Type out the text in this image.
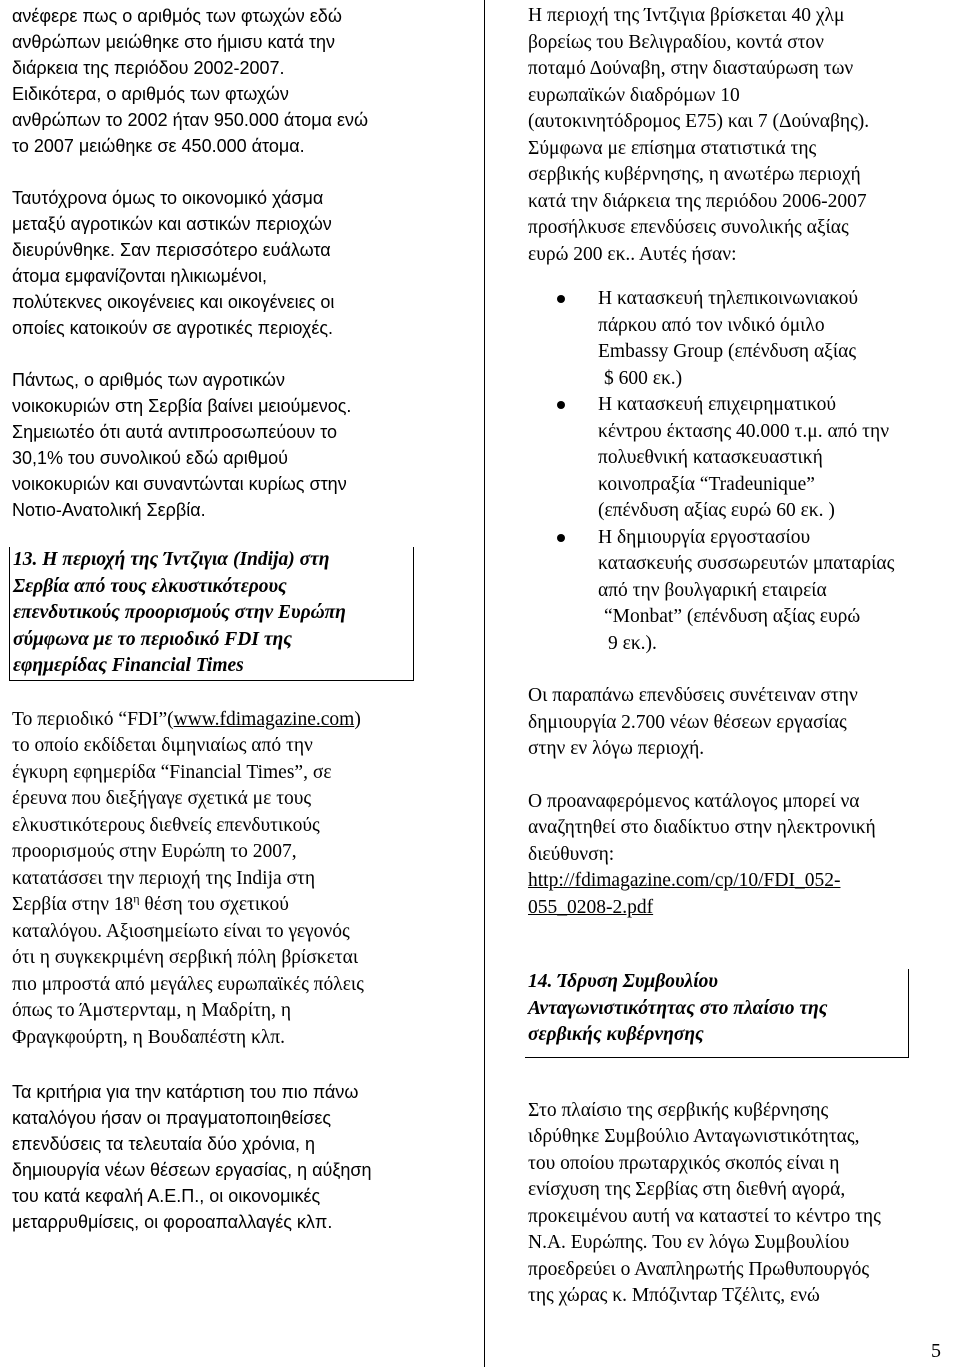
ανέφερε πως ο αριθμός των φτωχών εδώ
ανθρώπων μειώθηκε στο ήμισυ κατά την
διάρκεια της περιόδου 2002-2007.
Ειδικότερα, ο αριθμός των φτωχών
ανθρώπων το 2002 ήταν 950.000 άτομα ενώ
το 2007 μειώθηκε σε 450.000 άτομα.

Ταυτόχρονα όμως το οικονομικό χάσμα
μεταξύ αγροτικών και αστικών περιοχών
διευρύνθηκε. Σαν περισσότερο ευάλωτα
άτομα εμφανίζονται ηλικιωμένοι,
πολύτεκνες οικογένειες και οικογένειες οι
οποίες κατοικούν σε αγροτικές περιοχές.

Πάντως, ο αριθμός των αγροτικών
νοικοκυριών στη Σερβία βαίνει μειούμενος.
Σημειωτέο ότι αυτά αντιπροσωπεύουν το
30,1% του συνολικού εδώ αριθμού
νοικοκυριών και συναντώνται κυρίως στην
Νοτιο-Ανατολική Σερβία.

13. Η περιοχή της Ίντζιγια (Indija) στη
Σερβία από τους ελκυστικότερους
επενδυτικούς προορισμούς στην Ευρώπη
σύμφωνα με το περιοδικό FDI της
εφημερίδας Financial Times

Το περιοδικό “FDI”(www.fdimagazine.com)
το οποίο εκδίδεται διμηνιαίως από την
έγκυρη εφημερίδα “Financial Times”, σε
έρευνα που διεξήγαγε σχετικά με τους
ελκυστικότερους διεθνείς επενδυτικούς
προορισμούς στην Ευρώπη το 2007,
κατατάσσει την περιοχή της Indija στη
Σερβία στην $18^\eta$ θέση του σχετικού
καταλόγου. Αξιοσημείωτο είναι το γεγονός
ότι η συγκεκριμένη σερβική πόλη βρίσκεται
πιο μπροστά από μεγάλες ευρωπαϊκές πόλεις
όπως το Άμστερνταμ, η Μαδρίτη, η
Φραγκφούρτη, η Βουδαπέστη κλπ.

Τα κριτήρια για την κατάρτιση του πιο πάνω
καταλόγου ήσαν οι πραγματοποιηθείσες
επενδύσεις τα τελευταία δύο χρόνια, η
δημιουργία νέων θέσεων εργασίας, η αύξηση
του κατά κεφαλή Α.Ε.Π., οι οικονομικές
μεταρρυθμίσεις, οι φοροαπαλλαγές κλπ.

Η περιοχή της Ίντζιγια βρίσκεται 40 χλμ
βορείως του Βελιγραδίου, κοντά στον
ποταμό Δούναβη, στην διασταύρωση των
ευρωπαϊκών διαδρόμων 10
(αυτοκινητόδρομος Ε75) και 7 (Δούναβης).
Σύμφωνα με επίσημα στατιστικά της
σερβικής κυβέρνησης, η ανωτέρω περιοχή
κατά την διάρκεια της περιόδου 2006-2007
προσήλκυσε επενδύσεις συνολικής αξίας
ευρώ 200 εκ.. Αυτές ήσαν:

Η κατασκευή τηλεπικοινωνιακού
πάρκου από τον ινδικό όμιλο
Embassy Group (επένδυση αξίας
$ 600 εκ.)
Η κατασκευή επιχειρηματικού
κέντρου έκτασης 40.000 τ.μ. από την
πολυεθνική κατασκευαστική
κοινοπραξία “Tradeunique”
(επένδυση αξίας ευρώ 60 εκ. )
Η δημιουργία εργοστασίου
κατασκευής συσσωρευτών μπαταρίας
από την βουλγαρική εταιρεία
“Monbat” (επένδυση αξίας ευρώ
9 εκ.).

Οι παραπάνω επενδύσεις συνέτειναν στην
δημιουργία 2.700 νέων θέσεων εργασίας
στην εν λόγω περιοχή.

Ο προαναφερόμενος κατάλογος μπορεί να
αναζητηθεί στο διαδίκτυο στην ηλεκτρονική
διεύθυνση:
http://fdimagazine.com/cp/10/FDI_052-
055_0208-2.pdf

14. Ίδρυση Συμβουλίου
Ανταγωνιστικότητας στο πλαίσιο της
σερβικής κυβέρνησης

Στο πλαίσιο της σερβικής κυβέρνησης
ιδρύθηκε Συμβούλιο Ανταγωνιστικότητας,
του οποίου πρωταρχικός σκοπός είναι η
ενίσχυση της Σερβίας στη διεθνή αγορά,
προκειμένου αυτή να καταστεί το κέντρο της
Ν.Α. Ευρώπης. Του εν λόγω Συμβουλίου
προεδρεύει ο Αναπληρωτής Πρωθυπουργός
της χώρας κ. Μπόζινταρ Τζέλιτς, ενώ

5
